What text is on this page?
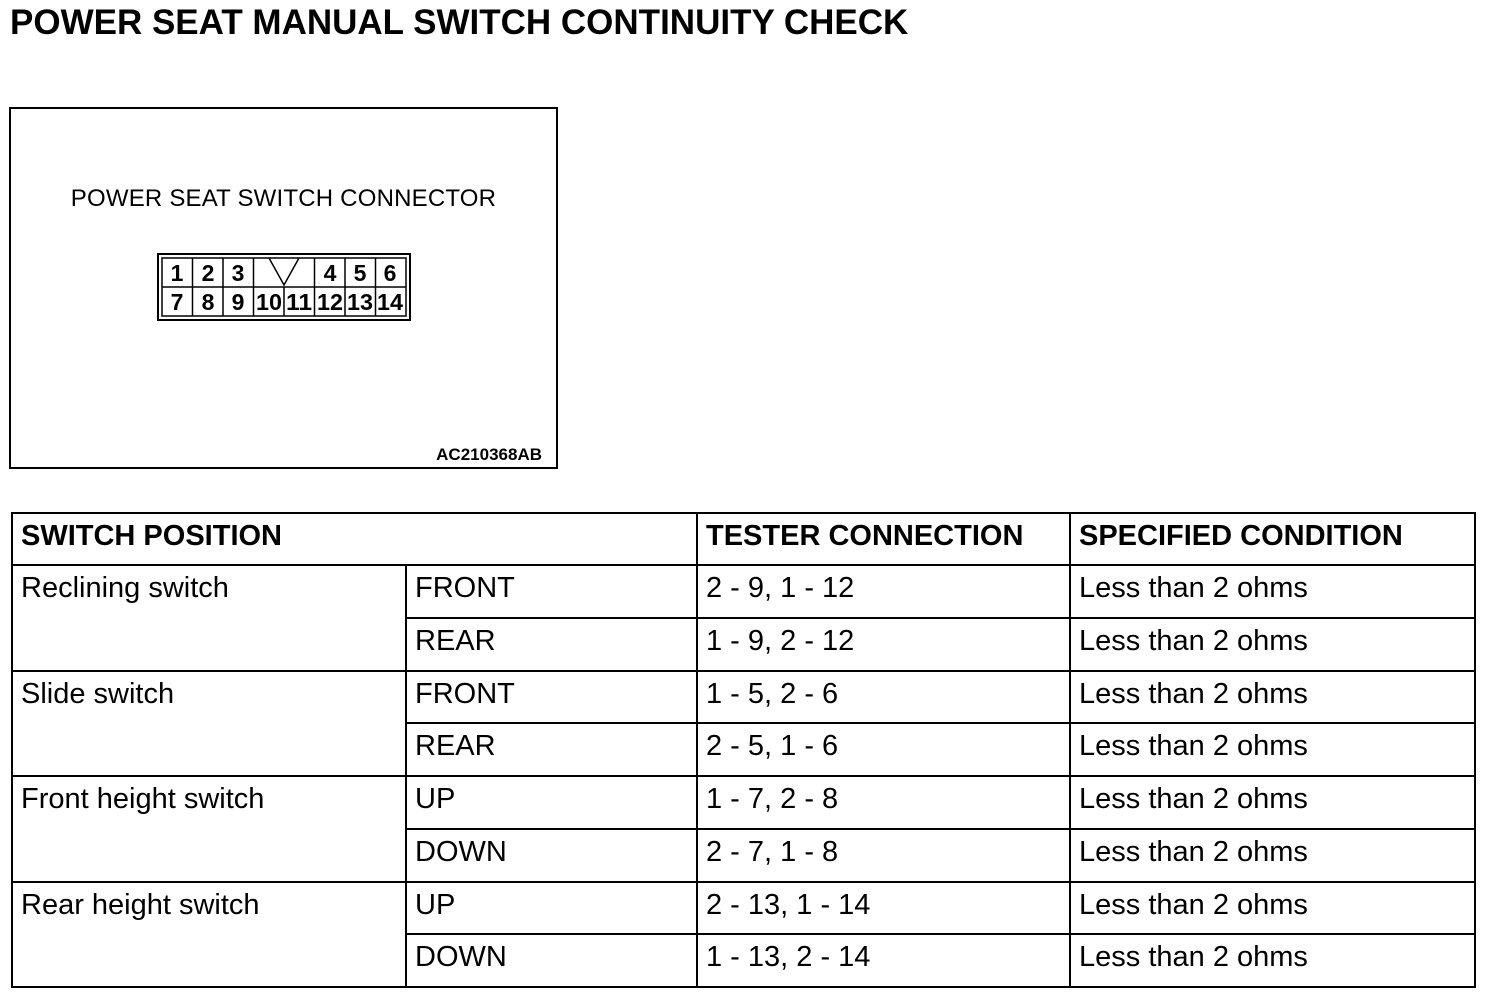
POWER SEAT MANUAL SWITCH CONTINUITY CHECK
POWER SEAT SWITCH CONNECTOR
1 2 3	4 5 6
7 8 9 10 11 12 13 14
AC210368AB
SWITCH POSITION		TESTER CONNECTION	SPECIFIED CONDITION
Reclining switch	FRONT	2 - 9, 1 - 12	Less than 2 ohms
	REAR	1 - 9, 2 - 12	Less than 2 ohms
Slide switch	FRONT	1 - 5, 2 - 6	Less than 2 ohms
	REAR	2 - 5, 1 - 6	Less than 2 ohms
Front height switch	UP	1 - 7, 2 - 8	Less than 2 ohms
	DOWN	2 - 7, 1 - 8	Less than 2 ohms
Rear height switch	UP	2 - 13, 1 - 14	Less than 2 ohms
	DOWN	1 - 13, 2 - 14	Less than 2 ohms
